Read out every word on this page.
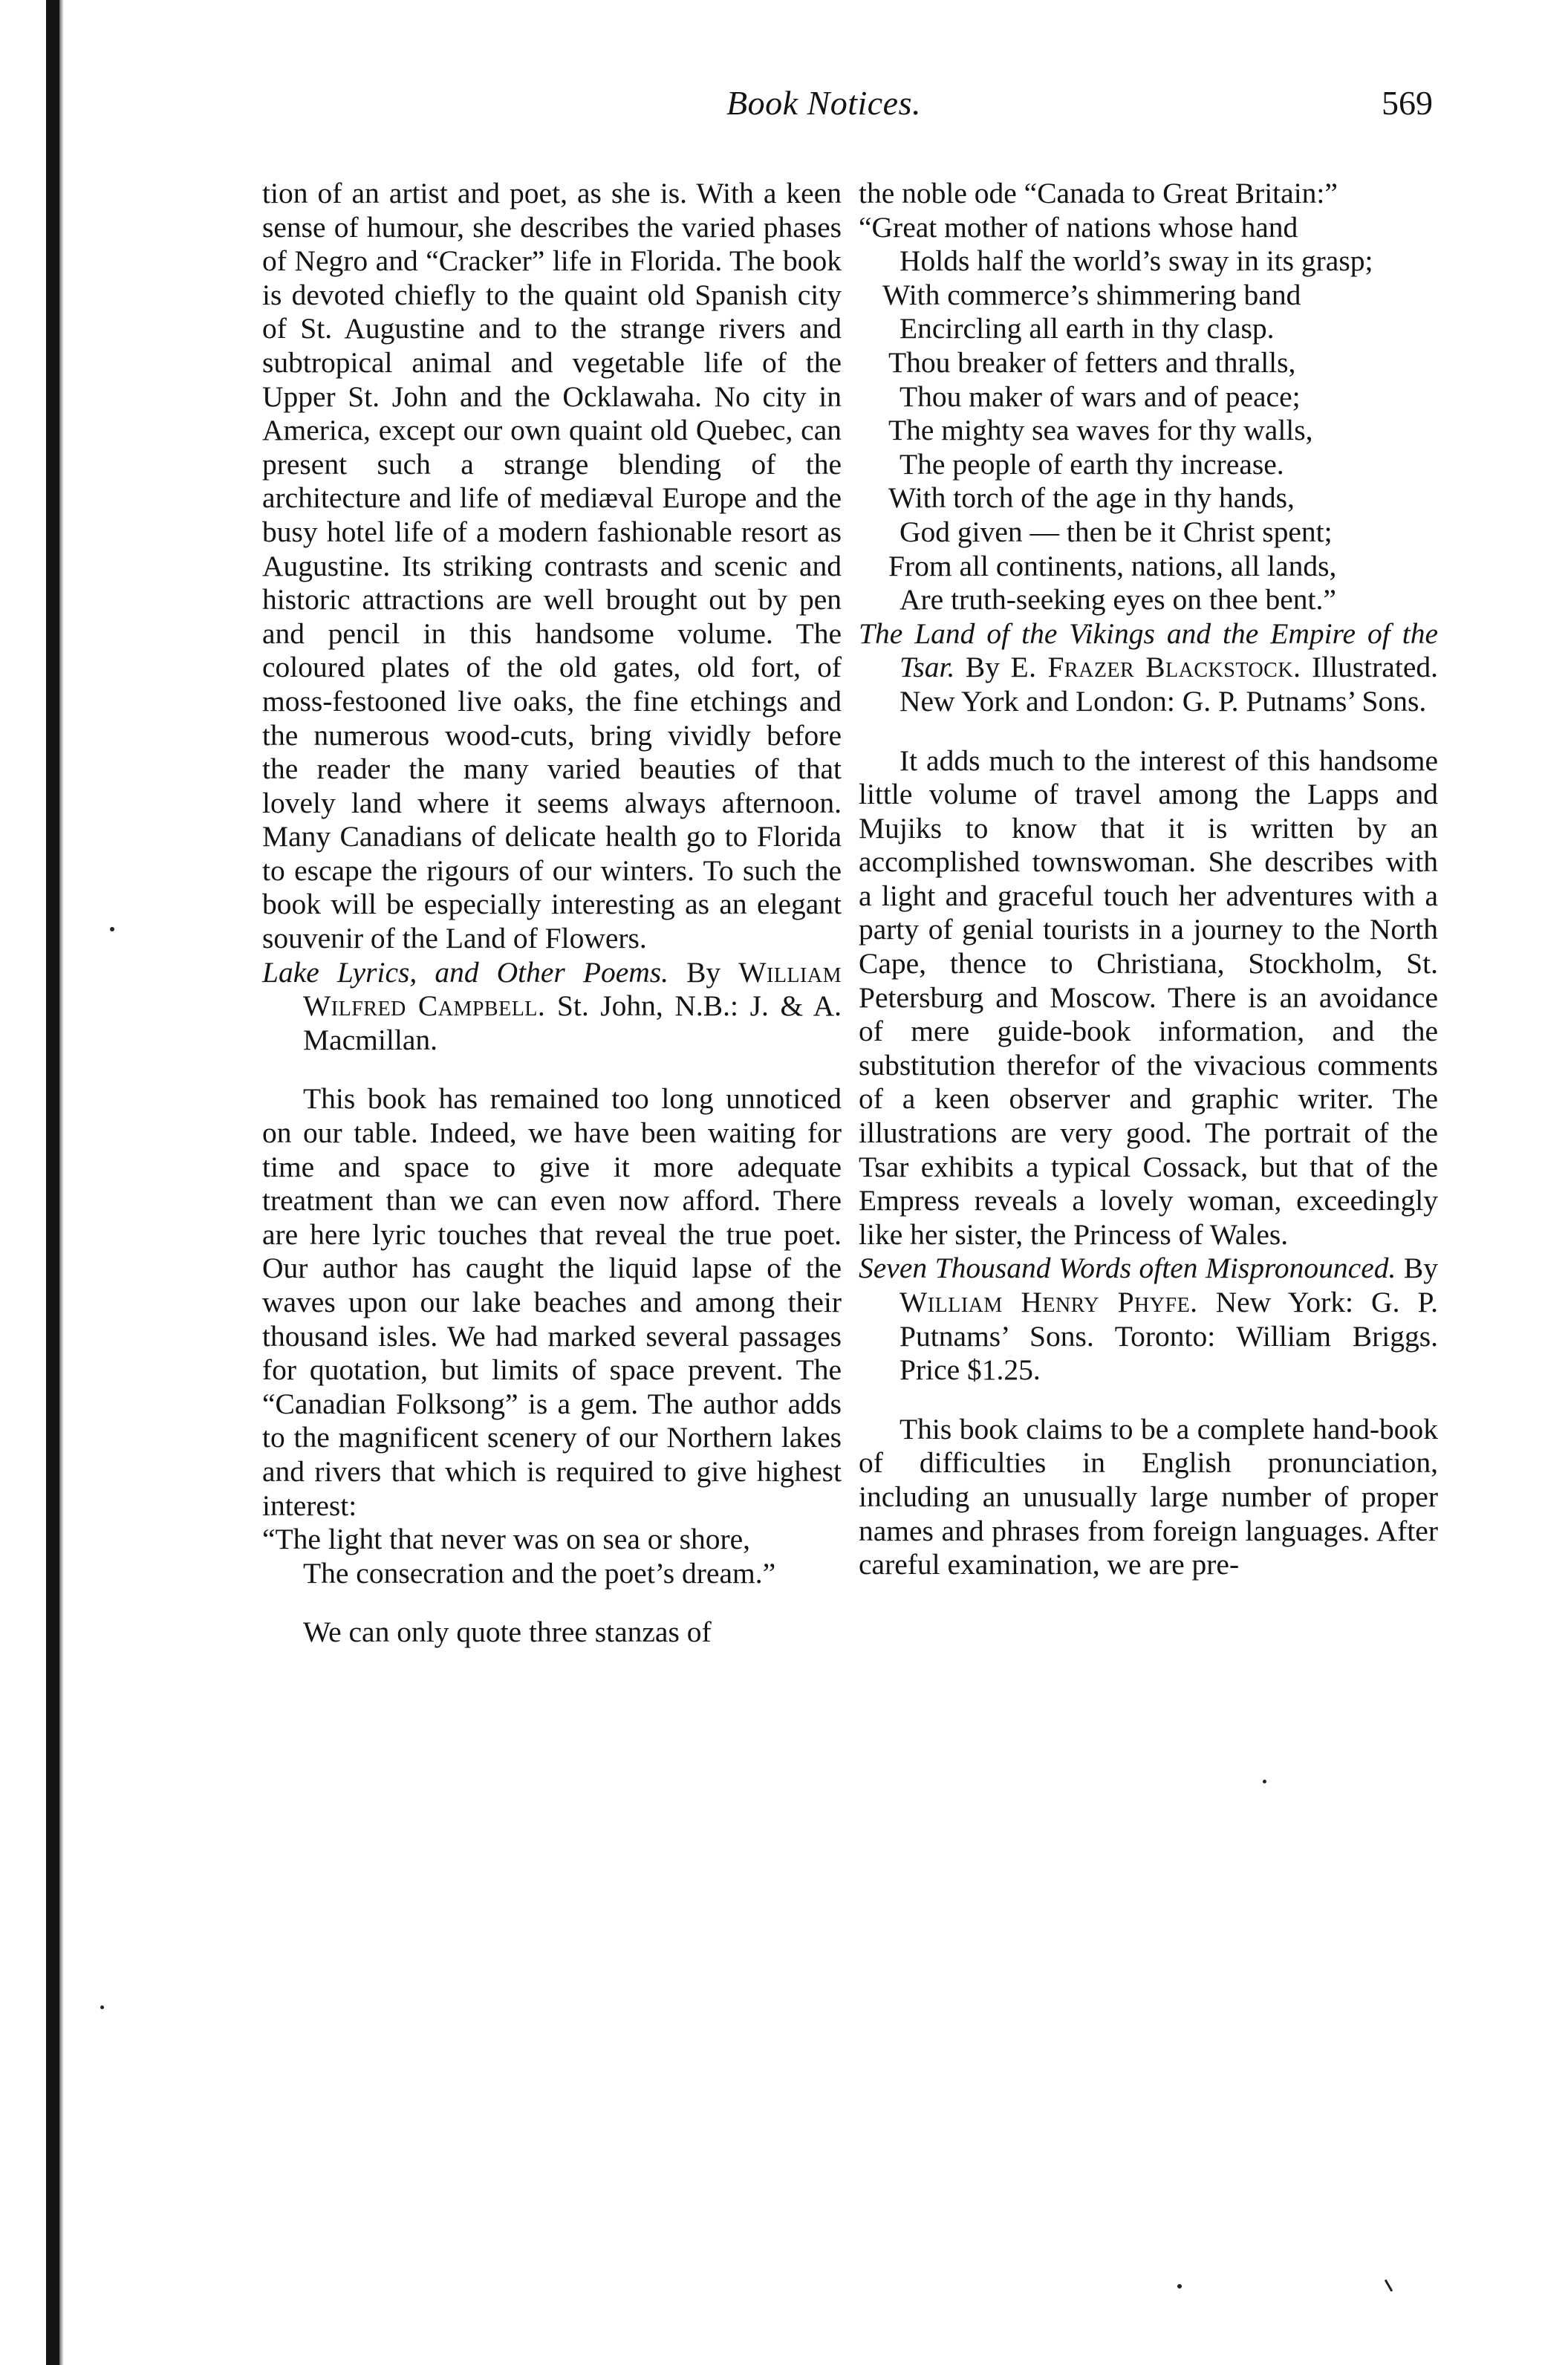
Book Notices.	569

tion of an artist and poet, as she is. With a keen sense of humour, she describes the varied phases of Negro and “Cracker” life in Florida. The book is devoted chiefly to the quaint old Spanish city of St. Augustine and to the strange rivers and subtropical animal and vegetable life of the Upper St. John and the Ocklawaha. No city in America, except our own quaint old Quebec, can present such a strange blending of the architecture and life of mediæval Europe and the busy hotel life of a modern fashionable resort as Augustine. Its striking contrasts and scenic and historic attractions are well brought out by pen and pencil in this handsome volume. The coloured plates of the old gates, old fort, of moss-festooned live oaks, the fine etchings and the numerous wood-cuts, bring vividly before the reader the many varied beauties of that lovely land where it seems always afternoon. Many Canadians of delicate health go to Florida to escape the rigours of our winters. To such the book will be especially interesting as an elegant souvenir of the Land of Flowers.

Lake Lyrics, and Other Poems. By William Wilfred Campbell. St. John, N.B.: J. & A. Macmillan.

This book has remained too long unnoticed on our table. Indeed, we have been waiting for time and space to give it more adequate treatment than we can even now afford. There are here lyric touches that reveal the true poet. Our author has caught the liquid lapse of the waves upon our lake beaches and among their thousand isles. We had marked several passages for quotation, but limits of space prevent. The “Canadian Folksong” is a gem. The author adds to the magnificent scenery of our Northern lakes and rivers that which is required to give highest interest:

“The light that never was on sea or shore,

The consecration and the poet’s dream.”

We can only quote three stanzas of

the noble ode “Canada to Great Britain:”

“Great mother of nations whose hand

Holds half the world’s sway in its grasp;

With commerce’s shimmering band

Encircling all earth in thy clasp.

Thou breaker of fetters and thralls,

Thou maker of wars and of peace;

The mighty sea waves for thy walls,

The people of earth thy increase.

With torch of the age in thy hands,

God given — then be it Christ spent;

From all continents, nations, all lands,

Are truth-seeking eyes on thee bent.”

The Land of the Vikings and the Empire of the Tsar. By E. Frazer Blackstock. Illustrated. New York and London: G. P. Putnams’ Sons.

It adds much to the interest of this handsome little volume of travel among the Lapps and Mujiks to know that it is written by an accomplished townswoman. She describes with a light and graceful touch her adventures with a party of genial tourists in a journey to the North Cape, thence to Christiana, Stockholm, St. Petersburg and Moscow. There is an avoidance of mere guide-book information, and the substitution therefor of the vivacious comments of a keen observer and graphic writer. The illustrations are very good. The portrait of the Tsar exhibits a typical Cossack, but that of the Empress reveals a lovely woman, exceedingly like her sister, the Princess of Wales.

Seven Thousand Words often Mispronounced. By William Henry Phyfe. New York: G. P. Putnams’ Sons. Toronto: William Briggs. Price $1.25.

This book claims to be a complete hand-book of difficulties in English pronunciation, including an unusually large number of proper names and phrases from foreign languages. After careful examination, we are pre-
